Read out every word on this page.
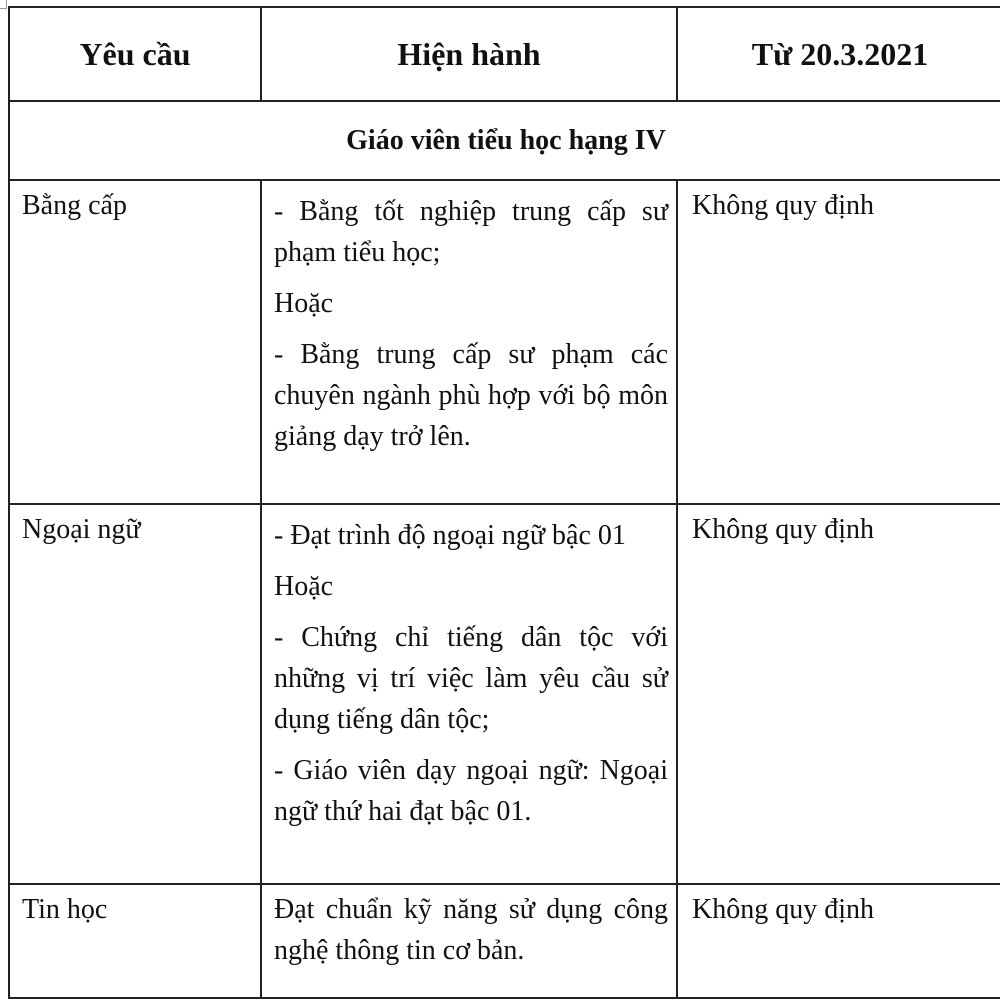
Yêu cầu	Hiện hành	Từ 20.3.2021
Giáo viên tiểu học hạng IV		

Bằng cấp	- Bằng tốt nghiệp trung cấp sư phạm tiểu học;

Hoặc

- Bằng trung cấp sư phạm các chuyên ngành phù hợp với bộ môn giảng dạy trở lên.	Không quy định

Ngoại ngữ	- Đạt trình độ ngoại ngữ bậc 01

Hoặc

- Chứng chỉ tiếng dân tộc với những vị trí việc làm yêu cầu sử dụng tiếng dân tộc;

- Giáo viên dạy ngoại ngữ: Ngoại ngữ thứ hai đạt bậc 01.	Không quy định

Tin học	Đạt chuẩn kỹ năng sử dụng công nghệ thông tin cơ bản.	Không quy định
